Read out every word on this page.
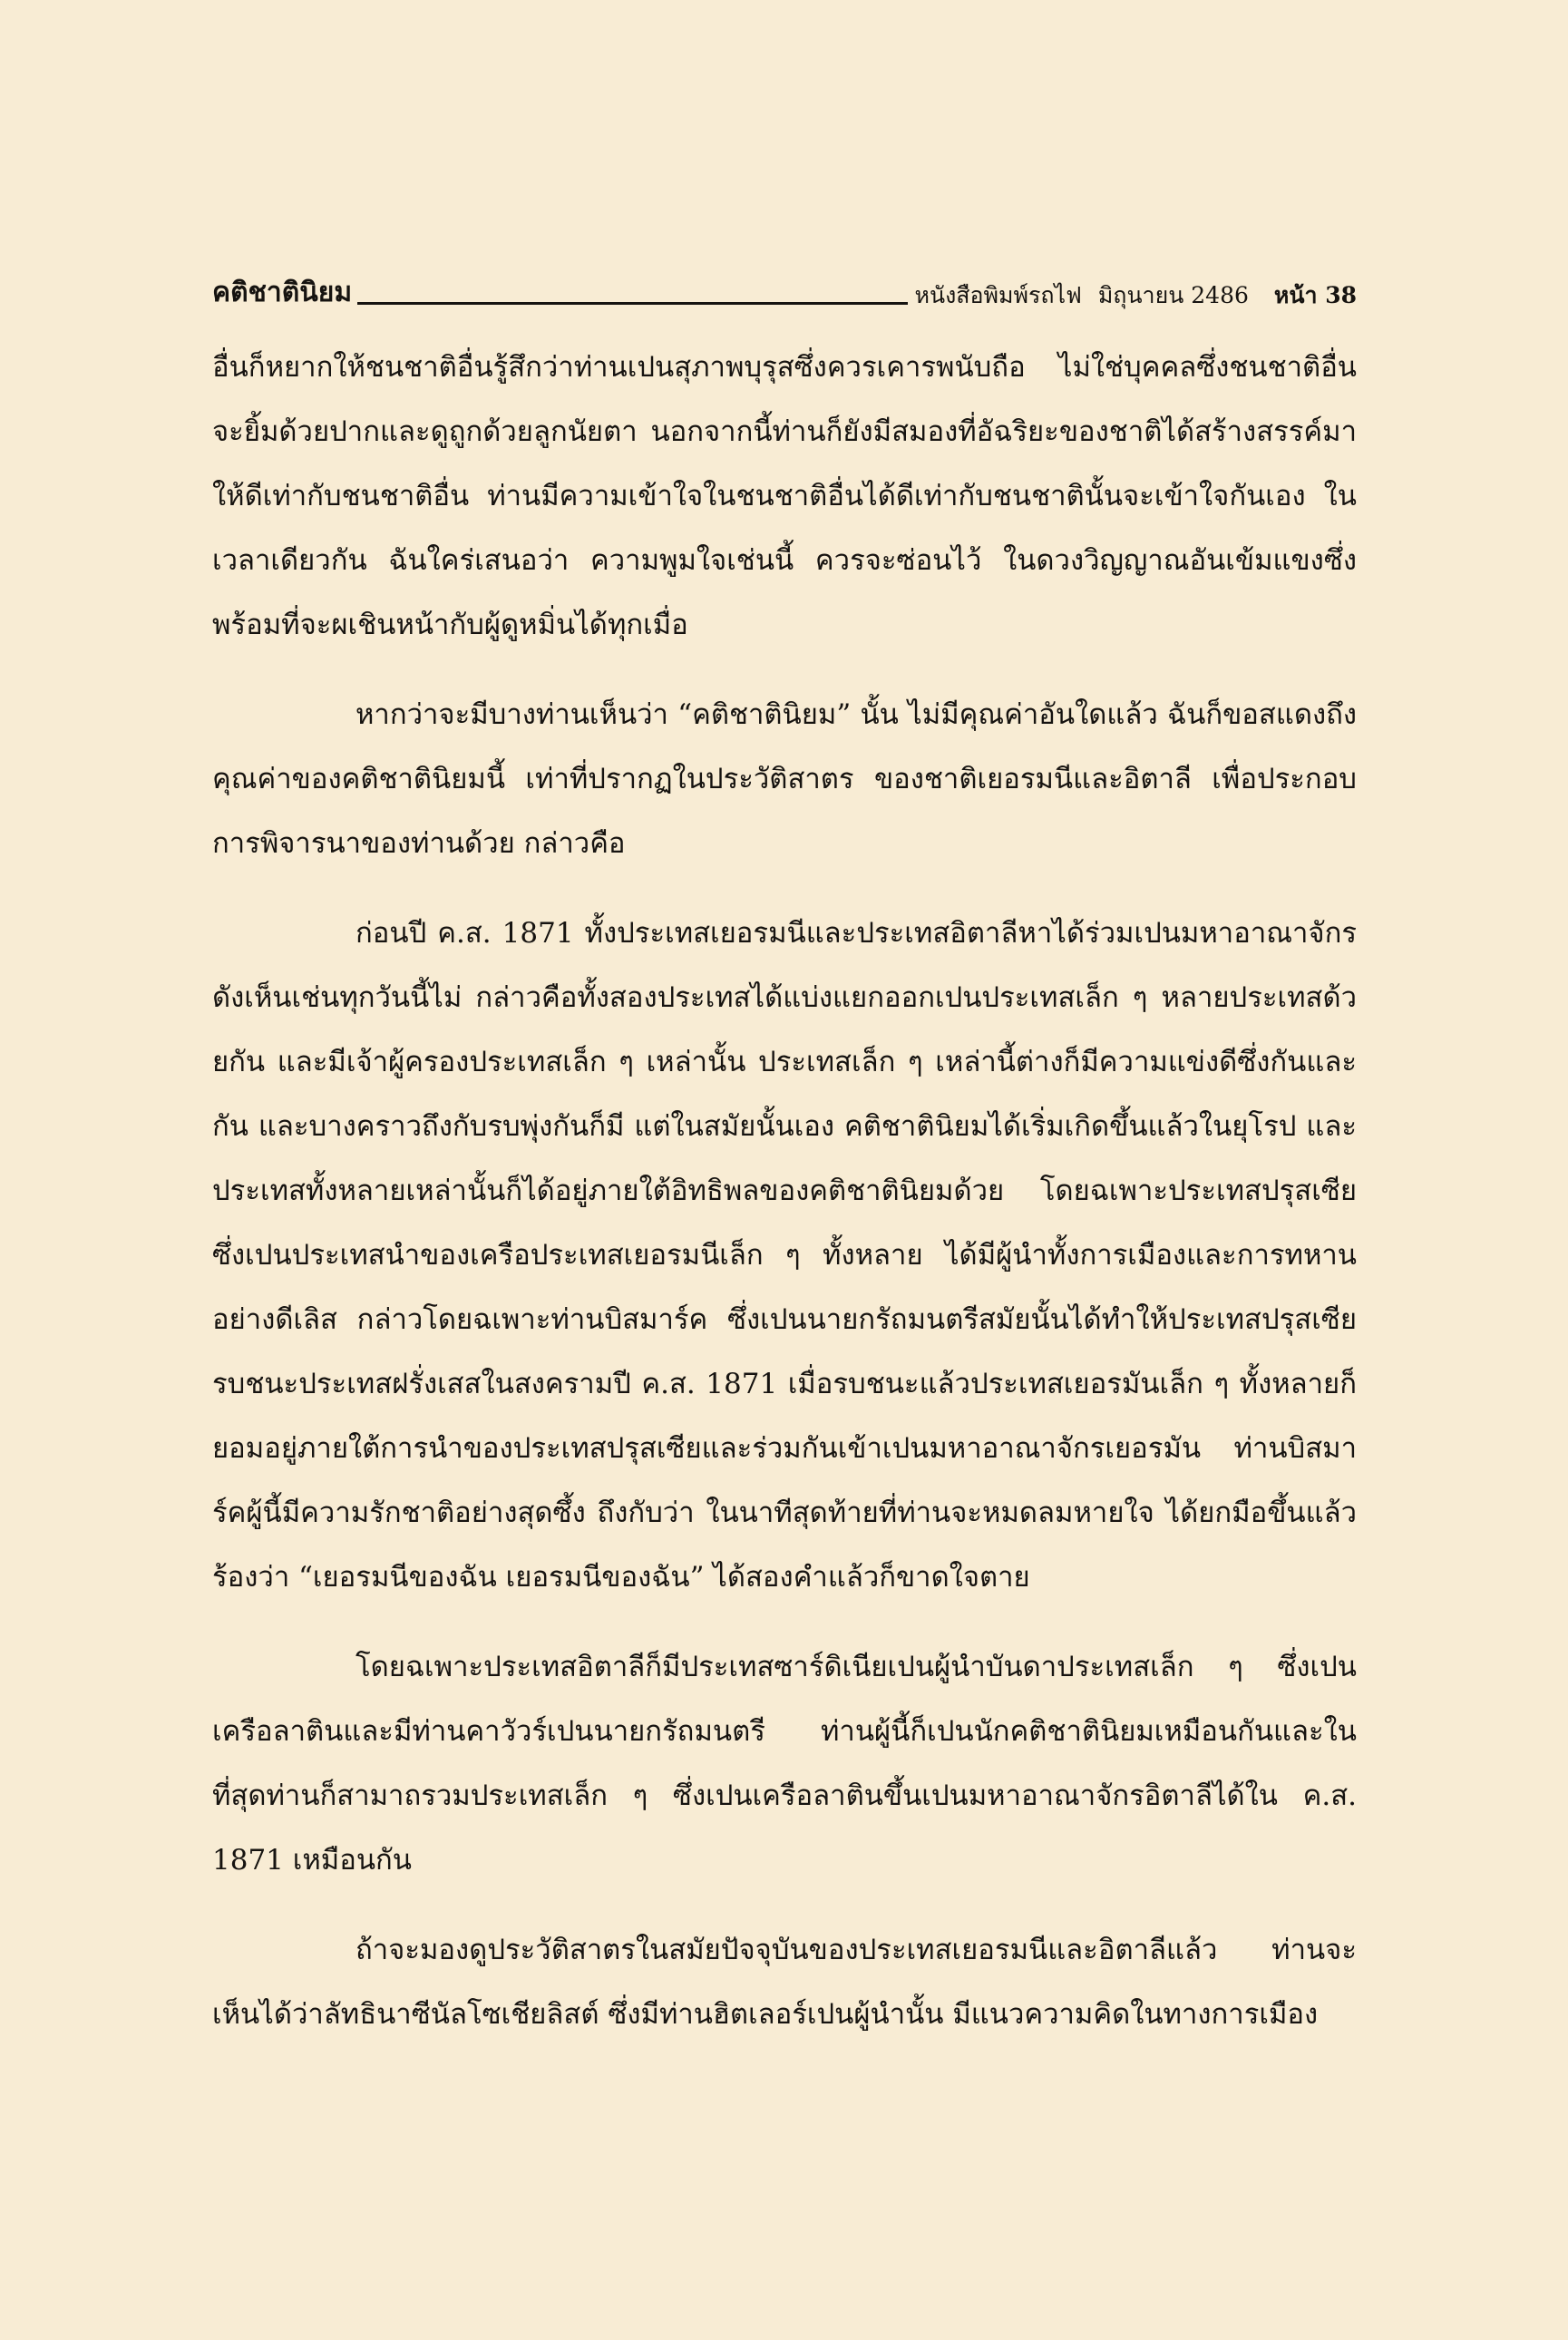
คติชาตินิยม	หนังสือพิมพ์รถไฟ มิถุนายน 2486 หน้า 38

อื่นก็หยากให้ชนชาติอื่นรู้สึกว่าท่านเปนสุภาพบุรุสซึ่งควรเคารพนับถือ ไม่ใช่บุคคลซึ่งชนชาติอื่นจะยิ้มด้วยปากและดูถูกด้วยลูกนัยตา นอกจากนี้ท่านก็ยังมีสมองที่อัฉริยะของชาติได้สร้างสรรค์มาให้ดีเท่ากับชนชาติอื่น ท่านมีความเข้าใจในชนชาติอื่นได้ดีเท่ากับชนชาตินั้นจะเข้าใจกันเอง ในเวลาเดียวกัน ฉันใคร่เสนอว่า ความพูมใจเช่นนี้ ควรจะซ่อนไว้ ในดวงวิญญาณอันเข้มแขงซึ่งพร้อมที่จะผเชินหน้ากับผู้ดูหมิ่นได้ทุกเมื่อ

หากว่าจะมีบางท่านเห็นว่า “คติชาตินิยม” นั้น ไม่มีคุณค่าอันใดแล้ว ฉันก็ขอสแดงถึงคุณค่าของคติชาตินิยมนี้ เท่าที่ปรากฏในประวัติสาตร ของชาติเยอรมนีและอิตาลี เพื่อประกอบการพิจารนาของท่านด้วย กล่าวคือ

ก่อนปี ค.ส. 1871 ทั้งประเทสเยอรมนีและประเทสอิตาลีหาได้ร่วมเปนมหาอาณาจักรดังเห็นเช่นทุกวันนี้ไม่ กล่าวคือทั้งสองประเทสได้แบ่งแยกออกเปนประเทสเล็ก ๆ หลายประเทสด้วยกัน และมีเจ้าผู้ครองประเทสเล็ก ๆ เหล่านั้น ประเทสเล็ก ๆ เหล่านี้ต่างก็มีความแข่งดีซึ่งกันและกัน และบางคราวถึงกับรบพุ่งกันก็มี แต่ในสมัยนั้นเอง คติชาตินิยมได้เริ่มเกิดขึ้นแล้วในยุโรป และประเทสทั้งหลายเหล่านั้นก็ได้อยู่ภายใต้อิทธิพลของคติชาตินิยมด้วย โดยฉเพาะประเทสปรุสเซีย ซึ่งเปนประเทสนำของเครือประเทสเยอรมนีเล็ก ๆ ทั้งหลาย ได้มีผู้นำทั้งการเมืองและการทหานอย่างดีเลิส กล่าวโดยฉเพาะท่านบิสมาร์ค ซึ่งเปนนายกรัถมนตรีสมัยนั้นได้ทำให้ประเทสปรุสเซียรบชนะประเทสฝรั่งเสสในสงครามปี ค.ส. 1871 เมื่อรบชนะแล้วประเทสเยอรมันเล็ก ๆ ทั้งหลายก็ยอมอยู่ภายใต้การนำของประเทสปรุสเซียและร่วมกันเข้าเปนมหาอาณาจักรเยอรมัน ท่านบิสมาร์คผู้นี้มีความรักชาติอย่างสุดซึ้ง ถึงกับว่า ในนาทีสุดท้ายที่ท่านจะหมดลมหายใจ ได้ยกมือขึ้นแล้วร้องว่า “เยอรมนีของฉัน เยอรมนีของฉัน” ได้สองคำแล้วก็ขาดใจตาย

โดยฉเพาะประเทสอิตาลีก็มีประเทสซาร์ดิเนียเปนผู้นำบันดาประเทสเล็ก ๆ ซึ่งเปนเครือลาตินและมีท่านคาวัวร์เปนนายกรัถมนตรี ท่านผู้นี้ก็เปนนักคติชาตินิยมเหมือนกันและในที่สุดท่านก็สามาถรวมประเทสเล็ก ๆ ซึ่งเปนเครือลาตินขึ้นเปนมหาอาณาจักรอิตาลีได้ใน ค.ส. 1871 เหมือนกัน

ถ้าจะมองดูประวัติสาตรในสมัยปัจจุบันของประเทสเยอรมนีและอิตาลีแล้ว ท่านจะเห็นได้ว่าลัทธินาซีนัลโซเชียลิสต์ ซึ่งมีท่านฮิตเลอร์เปนผู้นำนั้น มีแนวความคิดในทางการเมือง
